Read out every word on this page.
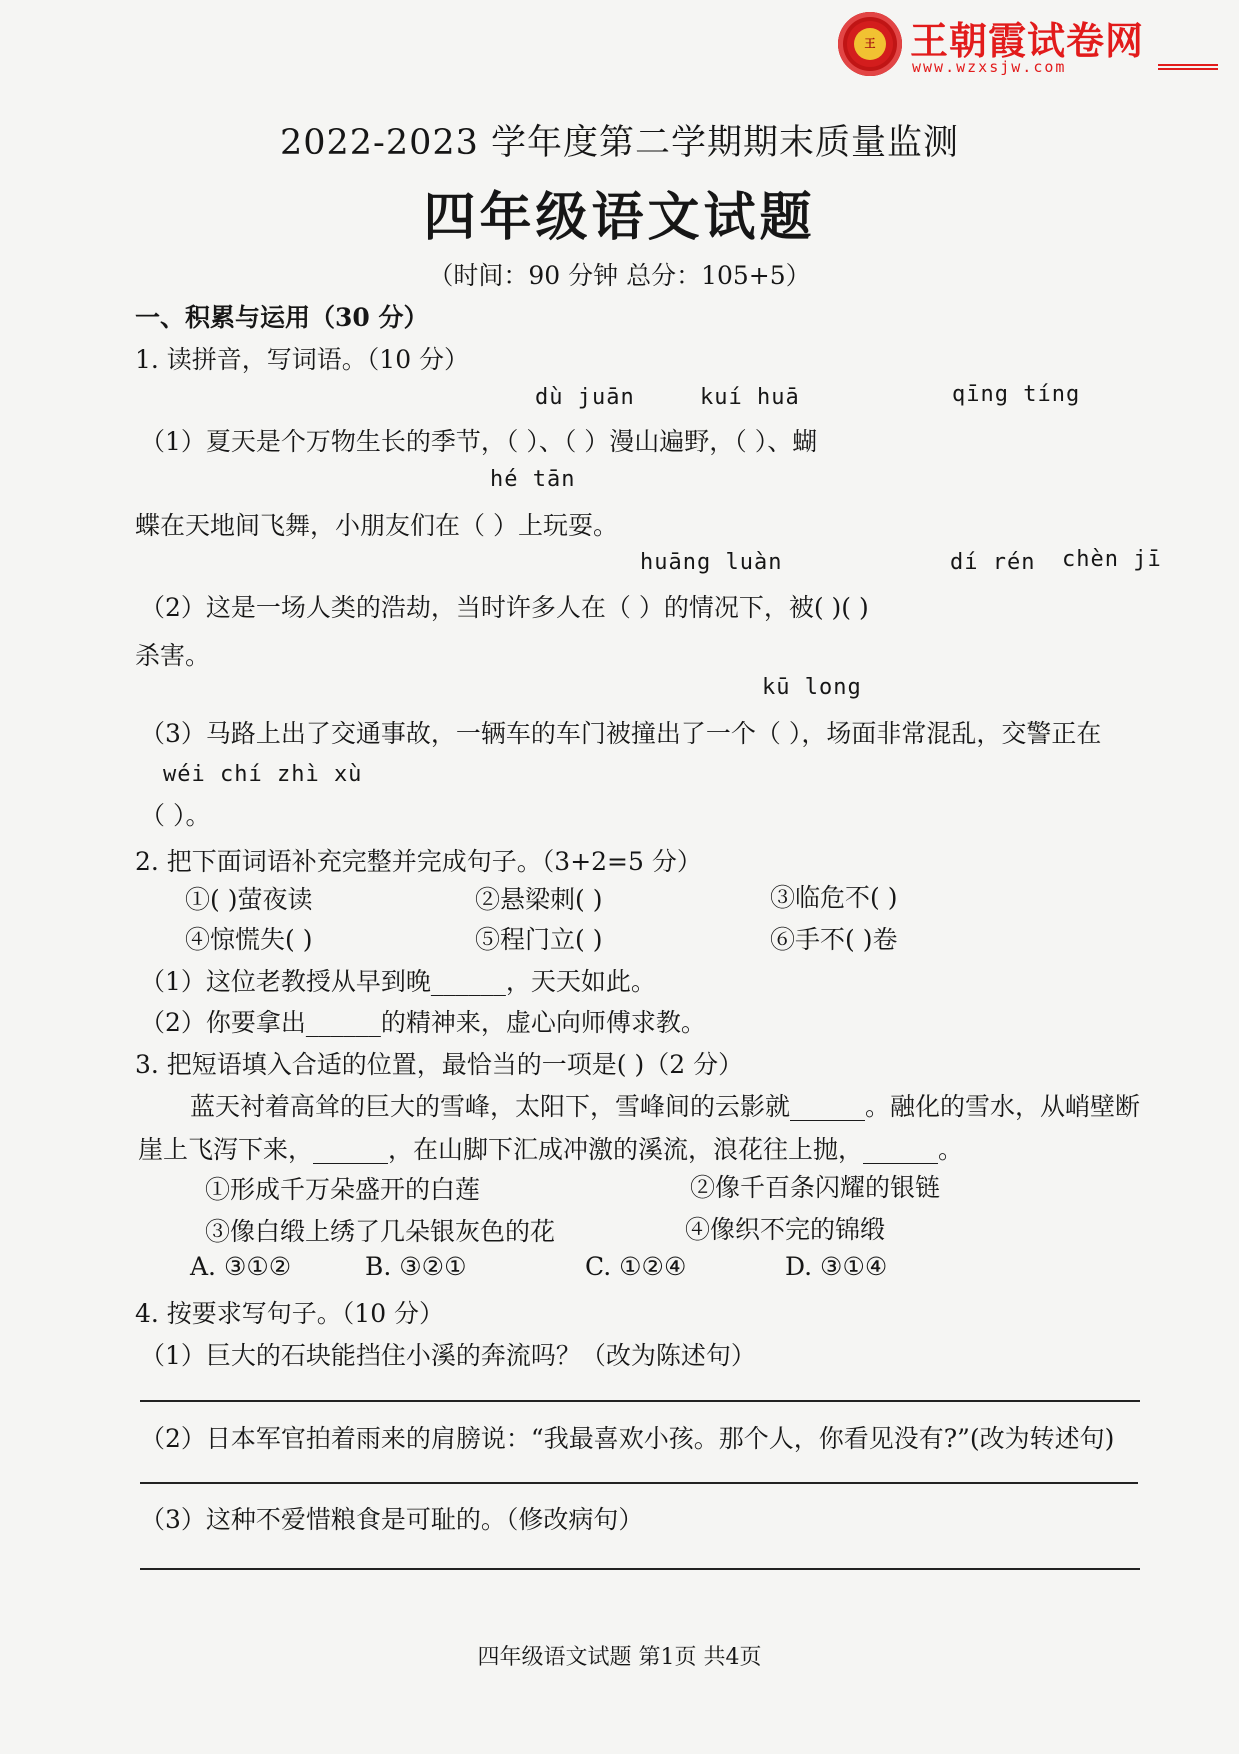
王 王朝霞试卷网
www.wzxsjw.com
2022-2023 学年度第二学期期末质量监测
四年级语文试题
（时间：90 分钟 总分：105+5）
一、积累与运用（30 分）
1. 读拼音，写词语。（10 分）
dù juān	kuí huā	qīng tíng
（1）夏天是个万物生长的季节，（ ）、（ ）漫山遍野，（ ）、蝴
hé tān
蝶在天地间飞舞，小朋友们在（ ）上玩耍。
huāng luàn	dí rén chèn jī
（2）这是一场人类的浩劫，当时许多人在（ ）的情况下，被( )( )
杀害。
kū long
（3）马路上出了交通事故，一辆车的车门被撞出了一个（ ），场面非常混乱，交警正在
wéi chí zhì xù
（ ）。
2. 把下面词语补充完整并完成句子。（3+2=5 分）
①( )萤夜读	②悬梁刺( )	③临危不( )
④惊慌失( )	⑤程门立( )	⑥手不( )卷
（1）这位老教授从早到晚______，天天如此。
（2）你要拿出______的精神来，虚心向师傅求教。
3. 把短语填入合适的位置，最恰当的一项是( )（2 分）
蓝天衬着高耸的巨大的雪峰，太阳下，雪峰间的云影就______。融化的雪水，从峭壁断
崖上飞泻下来，______，在山脚下汇成冲激的溪流，浪花往上抛，______。
①形成千万朵盛开的白莲	②像千百条闪耀的银链
③像白缎上绣了几朵银灰色的花	④像织不完的锦缎
A. ③①②	B. ③②①	C. ①②④	D. ③①④
4. 按要求写句子。（10 分）
（1）巨大的石块能挡住小溪的奔流吗？（改为陈述句）
（2）日本军官拍着雨来的肩膀说：“我最喜欢小孩。那个人，你看见没有?”(改为转述句)
（3）这种不爱惜粮食是可耻的。（修改病句）
四年级语文试题 第1页 共4页
